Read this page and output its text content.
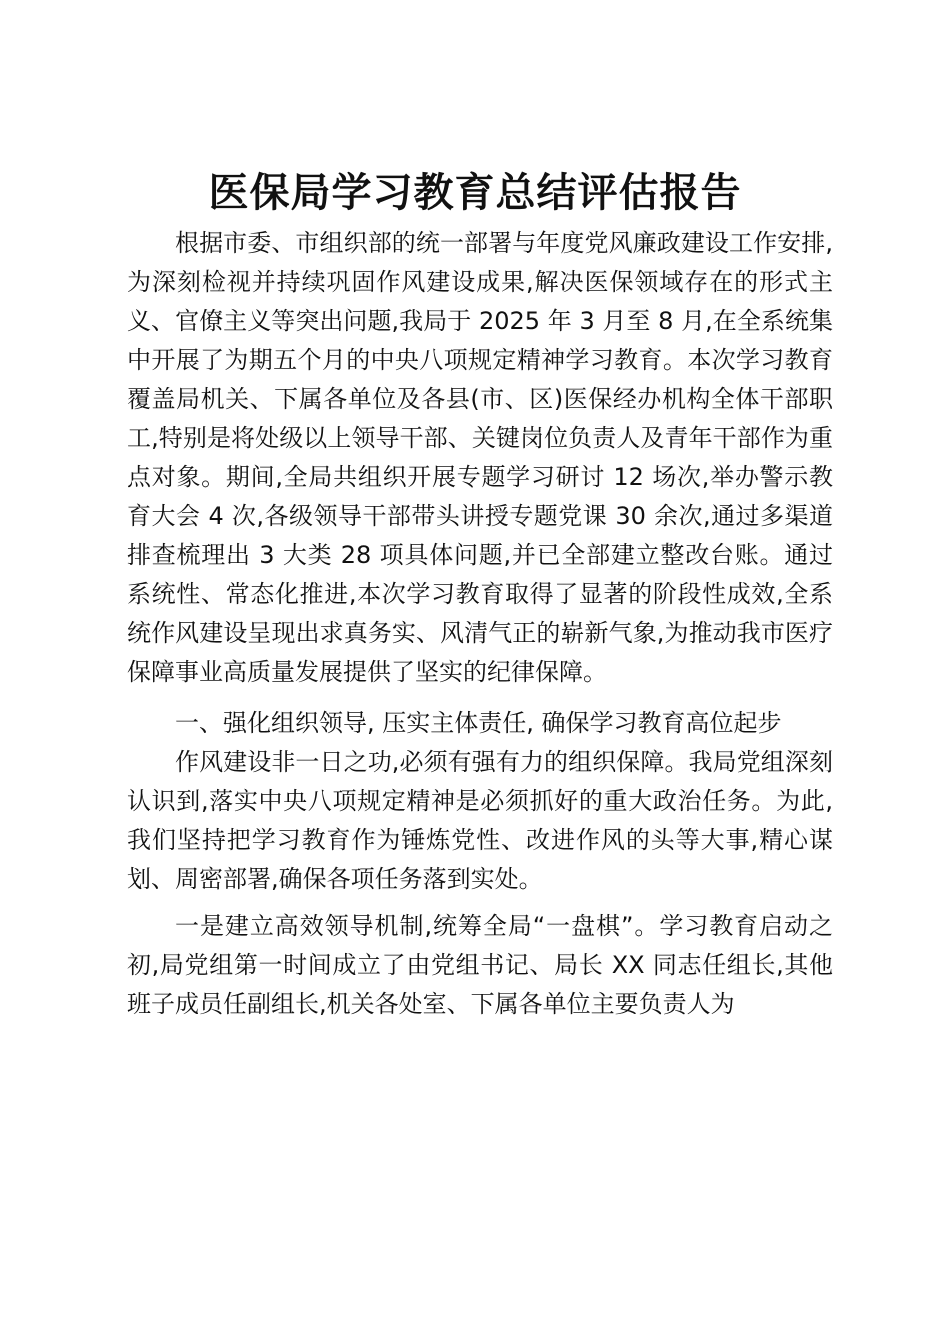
医保局学习教育总结评估报告

根据市委、市组织部的统一部署与年度党风廉政建设工作安排,为深刻检视并持续巩固作风建设成果,解决医保领域存在的形式主义、官僚主义等突出问题,我局于 2025 年 3 月至 8 月,在全系统集中开展了为期五个月的中央八项规定精神学习教育。本次学习教育覆盖局机关、下属各单位及各县(市、区)医保经办机构全体干部职工,特别是将处级以上领导干部、关键岗位负责人及青年干部作为重点对象。期间,全局共组织开展专题学习研讨 12 场次,举办警示教育大会 4 次,各级领导干部带头讲授专题党课 30 余次,通过多渠道排查梳理出 3 大类 28 项具体问题,并已全部建立整改台账。通过系统性、常态化推进,本次学习教育取得了显著的阶段性成效,全系统作风建设呈现出求真务实、风清气正的崭新气象,为推动我市医疗保障事业高质量发展提供了坚实的纪律保障。

一、强化组织领导, 压实主体责任, 确保学习教育高位起步

作风建设非一日之功,必须有强有力的组织保障。我局党组深刻认识到,落实中央八项规定精神是必须抓好的重大政治任务。为此,我们坚持把学习教育作为锤炼党性、改进作风的头等大事,精心谋划、周密部署,确保各项任务落到实处。

一是建立高效领导机制,统筹全局“一盘棋”。学习教育启动之初,局党组第一时间成立了由党组书记、局长 XX 同志任组长,其他班子成员任副组长,机关各处室、下属各单位主要负责人为
